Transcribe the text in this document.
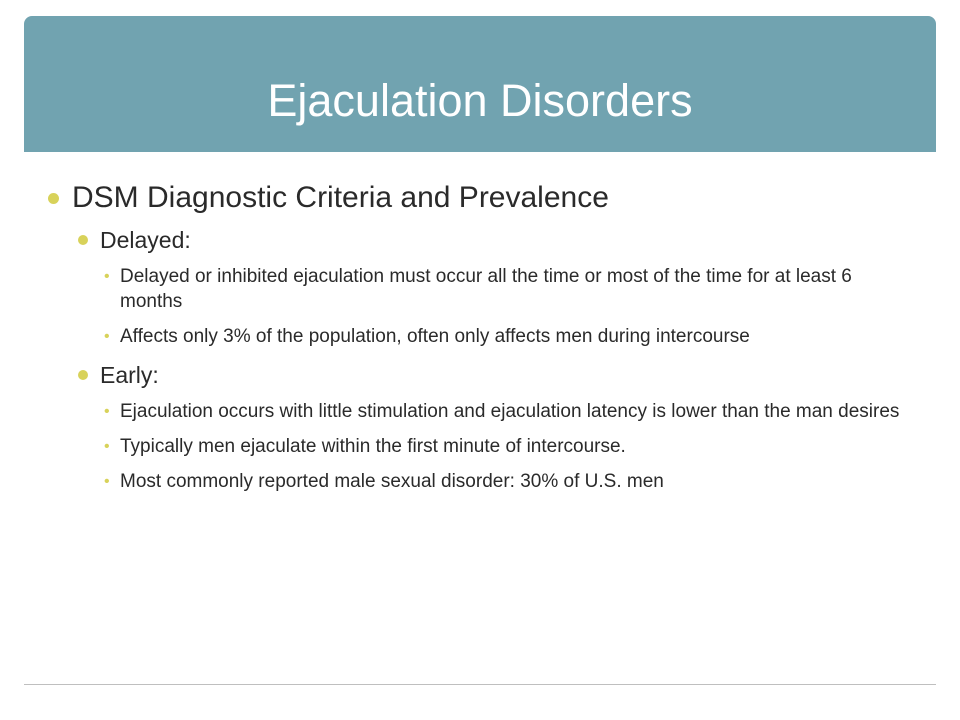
Ejaculation Disorders
DSM Diagnostic Criteria and Prevalence
Delayed:
• Delayed or inhibited ejaculation must occur all the time or most of the time for at least 6 months
• Affects only 3% of the population, often only affects men during intercourse
Early:
• Ejaculation occurs with little stimulation and ejaculation latency is lower than the man desires
• Typically men ejaculate within the first minute of intercourse.
• Most commonly reported male sexual disorder: 30% of U.S. men
